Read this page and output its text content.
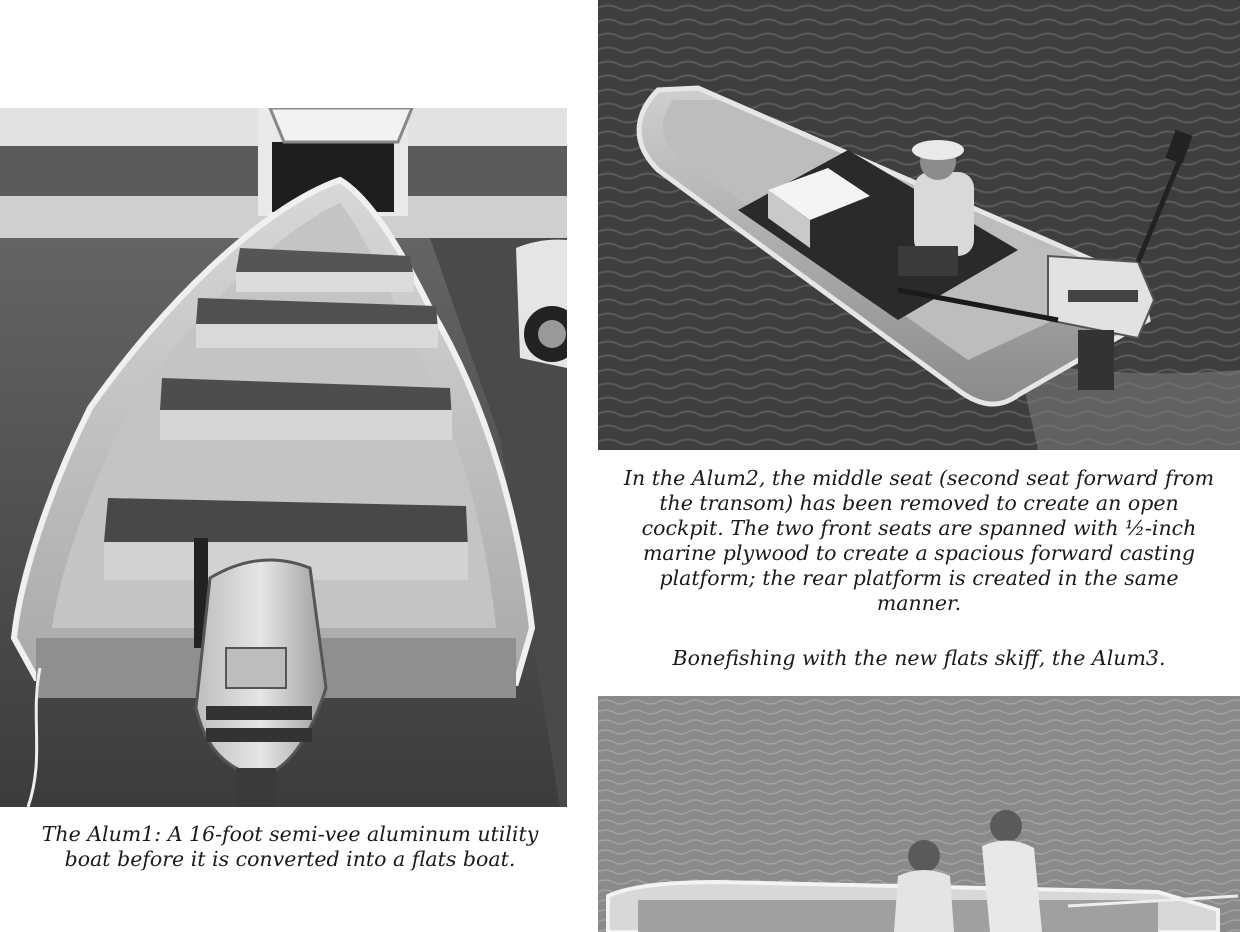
The Alum1: A 16-foot semi-vee aluminum utility boat before it is converted into a flats boat.

In the Alum2, the middle seat (second seat forward from the transom) has been removed to create an open cockpit. The two front seats are spanned with ½-inch marine plywood to create a spacious forward casting platform; the rear platform is created in the same manner.

Bonefishing with the new flats skiff, the Alum3.
